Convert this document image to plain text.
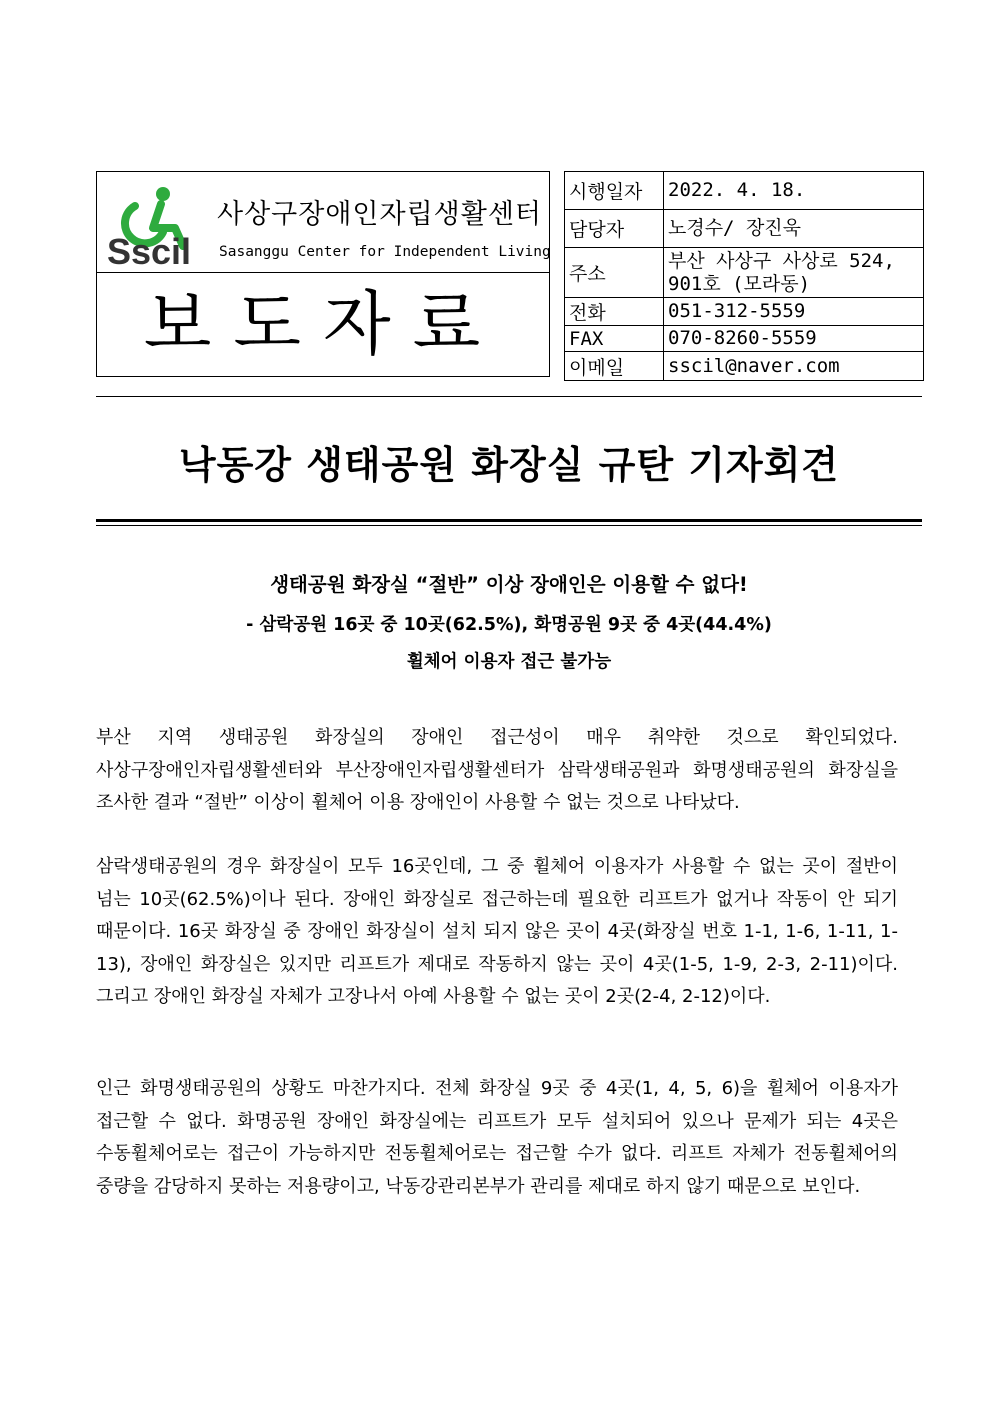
Sscil
사상구장애인자립생활센터
Sasanggu Center for Independent Living
보도자료
시행일자	2022. 4. 18.
담당자	노경수/ 장진욱
주소	부산 사상구 사상로 524, 901호 (모라동)
전화	051-312-5559
FAX	070-8260-5559
이메일	sscil@naver.com
낙동강 생태공원 화장실 규탄 기자회견
생태공원 화장실 “절반” 이상 장애인은 이용할 수 없다!
- 삼락공원 16곳 중 10곳(62.5%), 화명공원 9곳 중 4곳(44.4%)
휠체어 이용자 접근 불가능
부산 지역 생태공원 화장실의 장애인 접근성이 매우 취약한 것으로 확인되었다. 사상구장애인자립생활센터와 부산장애인자립생활센터가 삼락생태공원과 화명생태공원의 화장실을 조사한 결과 “절반” 이상이 휠체어 이용 장애인이 사용할 수 없는 것으로 나타났다.
삼락생태공원의 경우 화장실이 모두 16곳인데, 그 중 휠체어 이용자가 사용할 수 없는 곳이 절반이 넘는 10곳(62.5%)이나 된다. 장애인 화장실로 접근하는데 필요한 리프트가 없거나 작동이 안 되기 때문이다. 16곳 화장실 중 장애인 화장실이 설치 되지 않은 곳이 4곳(화장실 번호 1-1, 1-6, 1-11, 1-13), 장애인 화장실은 있지만 리프트가 제대로 작동하지 않는 곳이 4곳(1-5, 1-9, 2-3, 2-11)이다. 그리고 장애인 화장실 자체가 고장나서 아예 사용할 수 없는 곳이 2곳(2-4, 2-12)이다.
인근 화명생태공원의 상황도 마찬가지다. 전체 화장실 9곳 중 4곳(1, 4, 5, 6)을 휠체어 이용자가 접근할 수 없다. 화명공원 장애인 화장실에는 리프트가 모두 설치되어 있으나 문제가 되는 4곳은 수동휠체어로는 접근이 가능하지만 전동휠체어로는 접근할 수가 없다. 리프트 자체가 전동휠체어의 중량을 감당하지 못하는 저용량이고, 낙동강관리본부가 관리를 제대로 하지 않기 때문으로 보인다.
